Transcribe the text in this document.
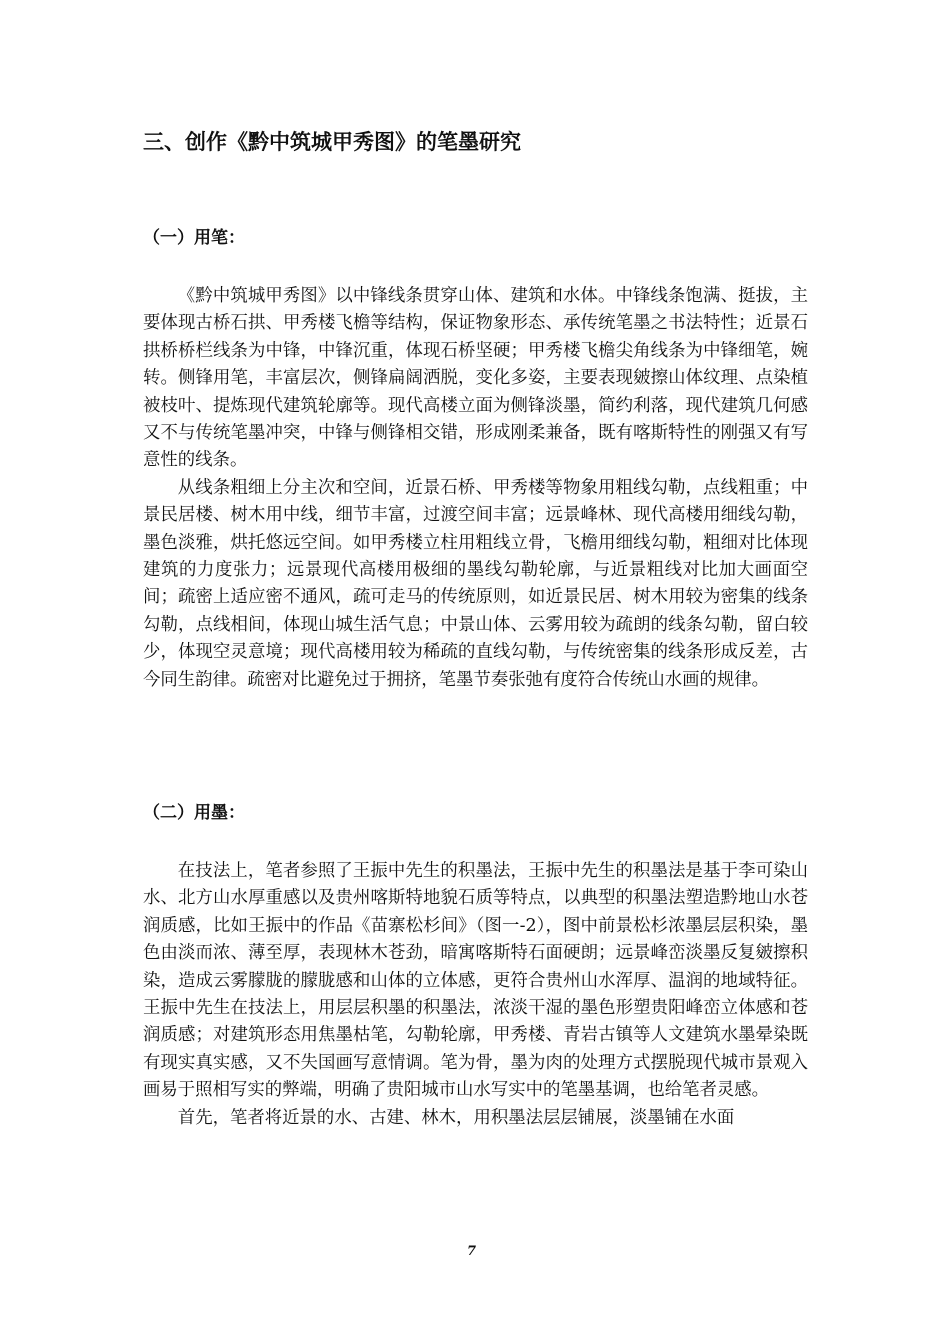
三、创作《黔中筑城甲秀图》的笔墨研究
（一）用笔：

《黔中筑城甲秀图》以中锋线条贯穿山体、建筑和水体。中锋线条饱满、挺拔，主要体现古桥石拱、甲秀楼飞檐等结构，保证物象形态、承传统笔墨之书法特性；近景石拱桥桥栏线条为中锋，中锋沉重，体现石桥坚硬；甲秀楼飞檐尖角线条为中锋细笔，婉转。侧锋用笔，丰富层次，侧锋扁阔洒脱，变化多姿，主要表现皴擦山体纹理、点染植被枝叶、提炼现代建筑轮廓等。现代高楼立面为侧锋淡墨，简约利落，现代建筑几何感又不与传统笔墨冲突，中锋与侧锋相交错，形成刚柔兼备，既有喀斯特性的刚强又有写意性的线条。

从线条粗细上分主次和空间，近景石桥、甲秀楼等物象用粗线勾勒，点线粗重；中景民居楼、树木用中线，细节丰富，过渡空间丰富；远景峰林、现代高楼用细线勾勒，墨色淡雅，烘托悠远空间。如甲秀楼立柱用粗线立骨，飞檐用细线勾勒，粗细对比体现建筑的力度张力；远景现代高楼用极细的墨线勾勒轮廓，与近景粗线对比加大画面空间；疏密上适应密不通风，疏可走马的传统原则，如近景民居、树木用较为密集的线条勾勒，点线相间，体现山城生活气息；中景山体、云雾用较为疏朗的线条勾勒，留白较少，体现空灵意境；现代高楼用较为稀疏的直线勾勒，与传统密集的线条形成反差，古今同生韵律。疏密对比避免过于拥挤，笔墨节奏张弛有度符合传统山水画的规律。

（二）用墨：

在技法上，笔者参照了王振中先生的积墨法，王振中先生的积墨法是基于李可染山水、北方山水厚重感以及贵州喀斯特地貌石质等特点，以典型的积墨法塑造黔地山水苍润质感，比如王振中的作品《苗寨松杉间》（图一-2），图中前景松杉浓墨层层积染，墨色由淡而浓、薄至厚，表现林木苍劲，暗寓喀斯特石面硬朗；远景峰峦淡墨反复皴擦积染，造成云雾朦胧的朦胧感和山体的立体感，更符合贵州山水浑厚、温润的地域特征。王振中先生在技法上，用层层积墨的积墨法，浓淡干湿的墨色形塑贵阳峰峦立体感和苍润质感；对建筑形态用焦墨枯笔，勾勒轮廓，甲秀楼、青岩古镇等人文建筑水墨晕染既有现实真实感，又不失国画写意情调。笔为骨，墨为肉的处理方式摆脱现代城市景观入画易于照相写实的弊端，明确了贵阳城市山水写实中的笔墨基调，也给笔者灵感。

首先，笔者将近景的水、古建、林木，用积墨法层层铺展，淡墨铺在水面

7
